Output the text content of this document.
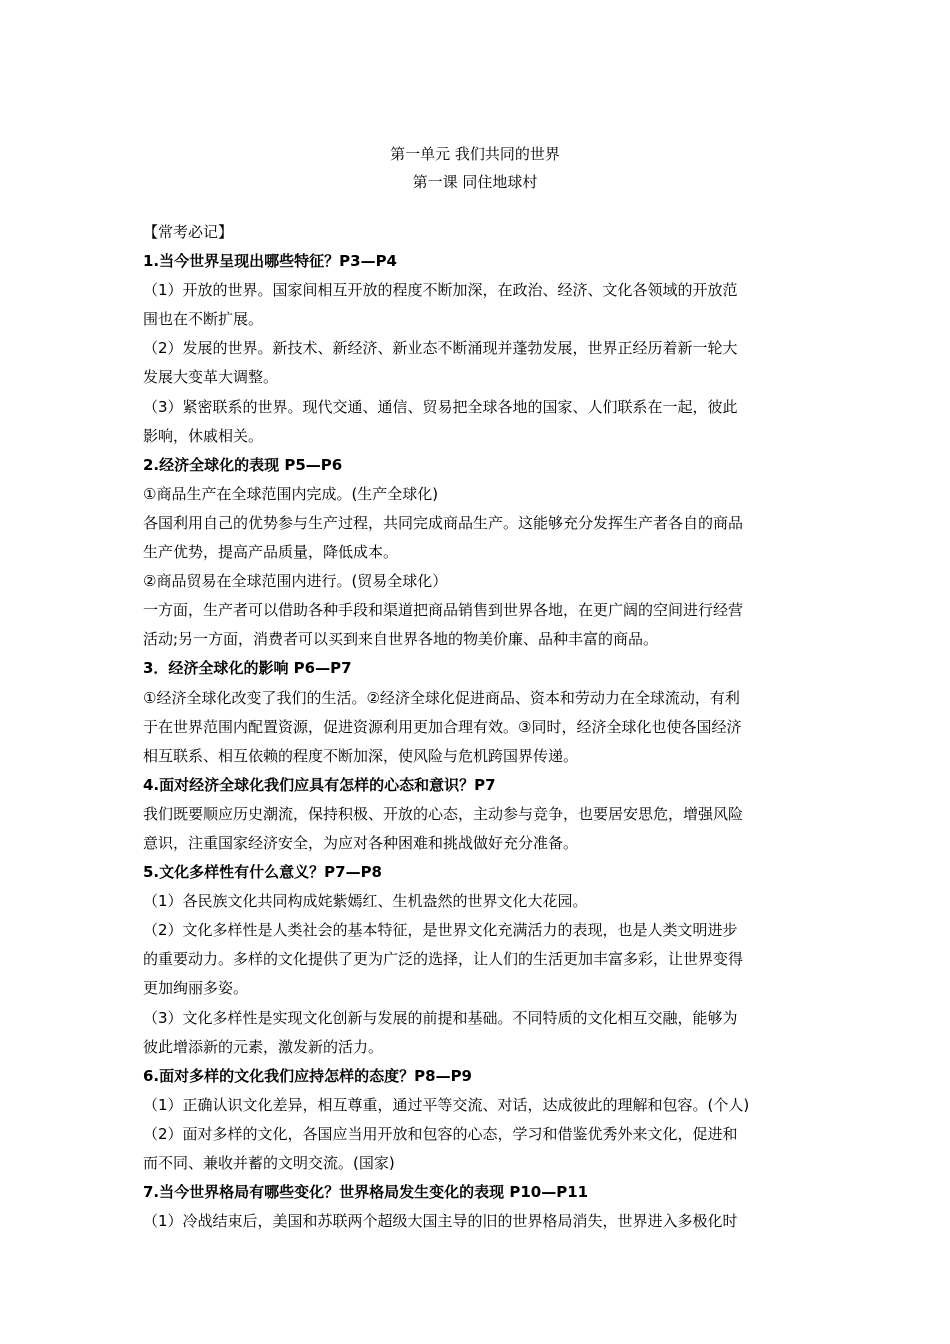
第一单元 我们共同的世界
第一课 同住地球村
【常考必记】
1.当今世界呈现出哪些特征？P3—P4
（1）开放的世界。国家间相互开放的程度不断加深，在政治、经济、文化各领域的开放范
围也在不断扩展。
（2）发展的世界。新技术、新经济、新业态不断涌现并蓬勃发展，世界正经历着新一轮大
发展大变革大调整。
（3）紧密联系的世界。现代交通、通信、贸易把全球各地的国家、人们联系在一起，彼此
影响，休戚相关。
2.经济全球化的表现 P5—P6
①商品生产在全球范围内完成。(生产全球化)
各国利用自己的优势参与生产过程，共同完成商品生产。这能够充分发挥生产者各自的商品
生产优势，提高产品质量，降低成本。
②商品贸易在全球范围内进行。(贸易全球化）
一方面，生产者可以借助各种手段和渠道把商品销售到世界各地，在更广阔的空间进行经营
活动;另一方面，消费者可以买到来自世界各地的物美价廉、品种丰富的商品。
3．经济全球化的影响 P6—P7
①经济全球化改变了我们的生活。②经济全球化促进商品、资本和劳动力在全球流动，有利
于在世界范围内配置资源，促进资源利用更加合理有效。③同时，经济全球化也使各国经济
相互联系、相互依赖的程度不断加深，使风险与危机跨国界传递。
4.面对经济全球化我们应具有怎样的心态和意识？P7
我们既要顺应历史潮流，保持积极、开放的心态，主动参与竞争，也要居安思危，增强风险
意识，注重国家经济安全，为应对各种困难和挑战做好充分准备。
5.文化多样性有什么意义？P7—P8
（1）各民族文化共同构成姹紫嫣红、生机盎然的世界文化大花园。
（2）文化多样性是人类社会的基本特征，是世界文化充满活力的表现，也是人类文明进步
的重要动力。多样的文化提供了更为广泛的选择，让人们的生活更加丰富多彩，让世界变得
更加绚丽多姿。
（3）文化多样性是实现文化创新与发展的前提和基础。不同特质的文化相互交融，能够为
彼此增添新的元素，激发新的活力。
6.面对多样的文化我们应持怎样的态度？P8—P9
（1）正确认识文化差异，相互尊重，通过平等交流、对话，达成彼此的理解和包容。(个人)
（2）面对多样的文化，各国应当用开放和包容的心态，学习和借鉴优秀外来文化，促进和
而不同、兼收并蓄的文明交流。(国家)
7.当今世界格局有哪些变化？世界格局发生变化的表现 P10—P11
（1）冷战结束后，美国和苏联两个超级大国主导的旧的世界格局消失，世界进入多极化时
